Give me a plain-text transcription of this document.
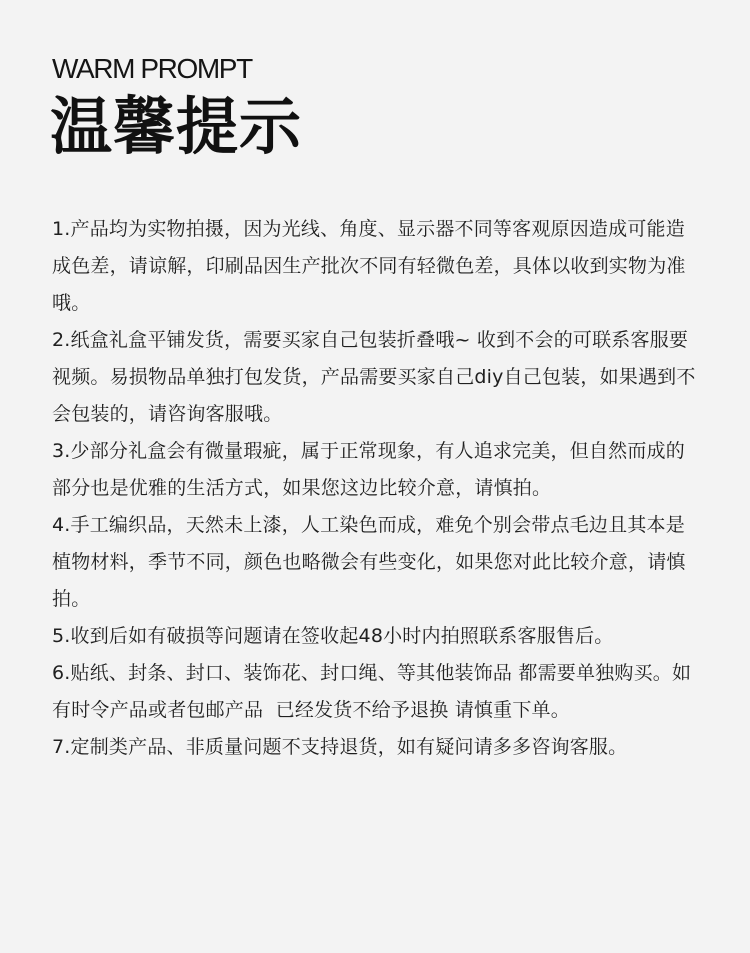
WARM PROMPT
温馨提示
1.产品均为实物拍摄，因为光线、角度、显示器不同等客观原因造成可能造成色差，请谅解，印刷品因生产批次不同有轻微色差，具体以收到实物为准哦。
2.纸盒礼盒平铺发货，需要买家自己包装折叠哦~ 收到不会的可联系客服要视频。易损物品单独打包发货，产品需要买家自己diy自己包装，如果遇到不会包装的，请咨询客服哦。
3.少部分礼盒会有微量瑕疵，属于正常现象，有人追求完美，但自然而成的部分也是优雅的生活方式，如果您这边比较介意，请慎拍。
4.手工编织品，天然未上漆，人工染色而成，难免个别会带点毛边且其本是植物材料，季节不同，颜色也略微会有些变化，如果您对此比较介意，请慎拍。
5.收到后如有破损等问题请在签收起48小时内拍照联系客服售后。
6.贴纸、封条、封口、装饰花、封口绳、等其他装饰品 都需要单独购买。如有时令产品或者包邮产品  已经发货不给予退换 请慎重下单。
7.定制类产品、非质量问题不支持退货，如有疑问请多多咨询客服。
